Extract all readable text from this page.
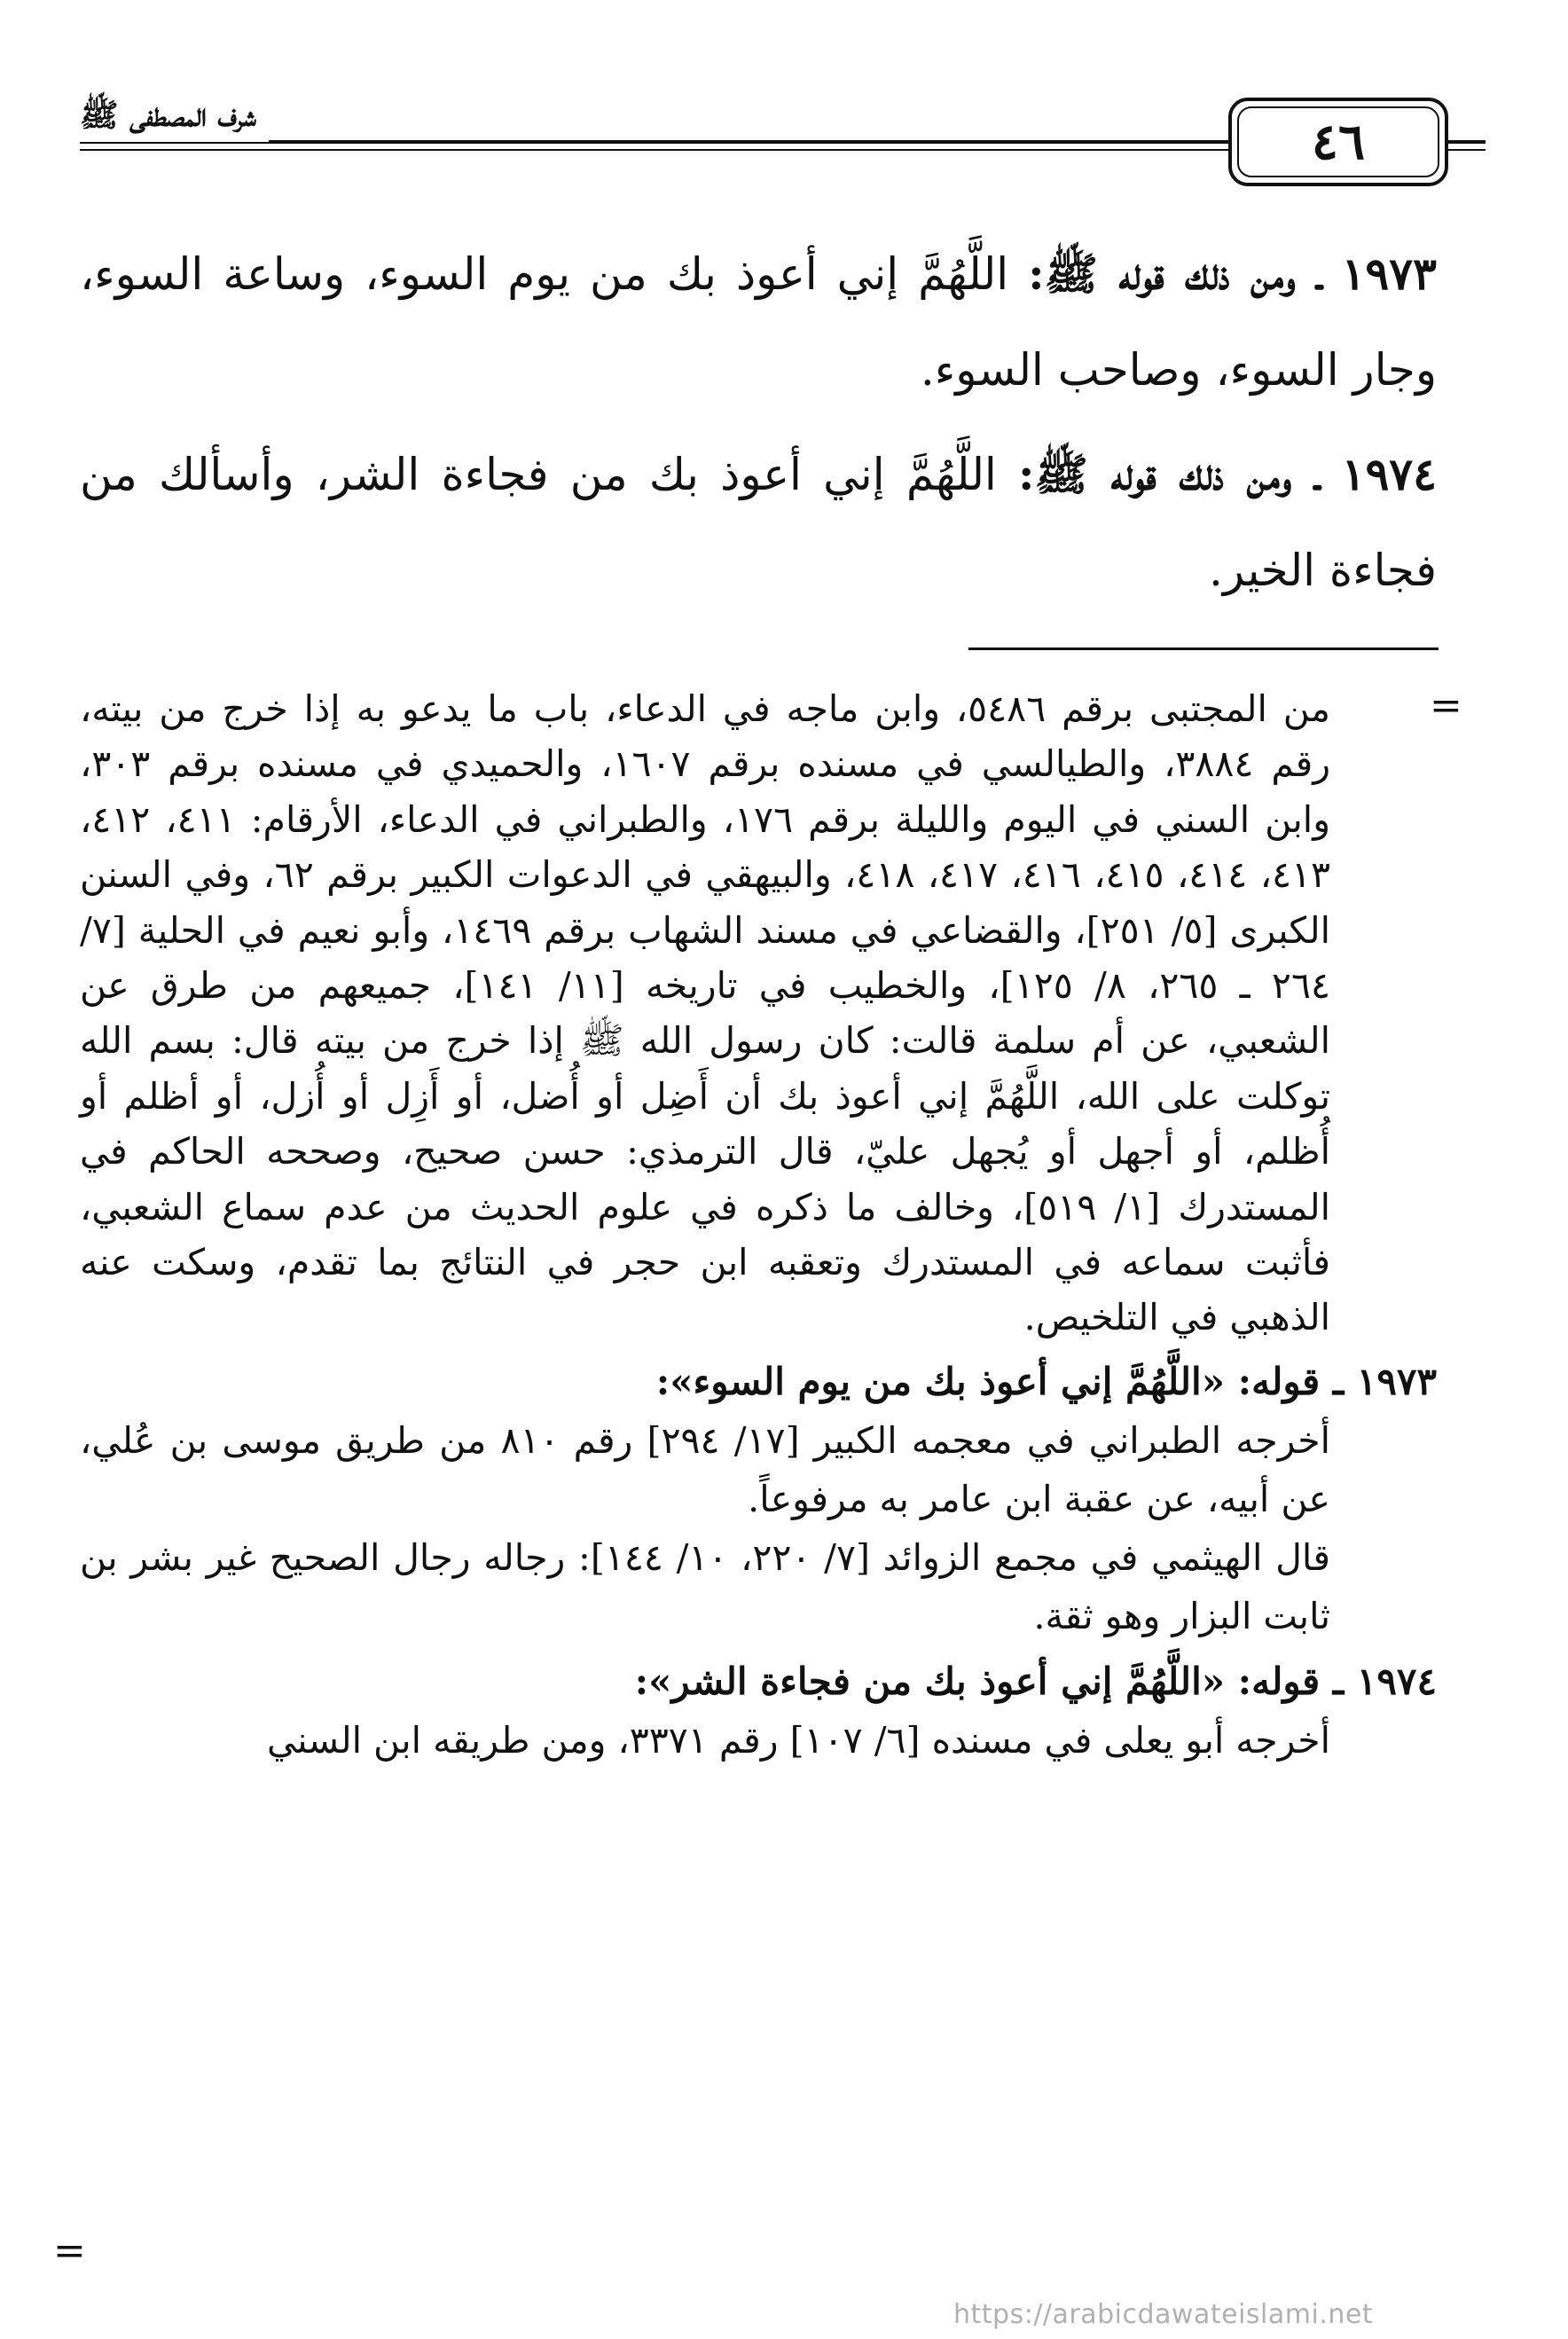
شرف المصطفى ﷺ	٤٦

١٩٧٣ ـ ومن ذلك قوله ﷺ: اللَّهُمَّ إني أعوذ بك من يوم السوء، وساعة السوء، وجار السوء، وصاحب السوء.

١٩٧٤ ـ ومن ذلك قوله ﷺ: اللَّهُمَّ إني أعوذ بك من فجاءة الشر، وأسألك من فجاءة الخير.

=

من المجتبى برقم ٥٤٨٦، وابن ماجه في الدعاء، باب ما يدعو به إذا خرج من بيته، رقم ٣٨٨٤، والطيالسي في مسنده برقم ١٦٠٧، والحميدي في مسنده برقم ٣٠٣، وابن السني في اليوم والليلة برقم ١٧٦، والطبراني في الدعاء، الأرقام: ٤١١، ٤١٢، ٤١٣، ٤١٤، ٤١٥، ٤١٦، ٤١٧، ٤١٨، والبيهقي في الدعوات الكبير برقم ٦٢، وفي السنن الكبرى [٥/ ٢٥١]، والقضاعي في مسند الشهاب برقم ١٤٦٩، وأبو نعيم في الحلية [٧/ ٢٦٤ ـ ٢٦٥، ٨/ ١٢٥]، والخطيب في تاريخه [١١/ ١٤١]، جميعهم من طرق عن الشعبي، عن أم سلمة قالت: كان رسول الله ﷺ إذا خرج من بيته قال: بسم الله توكلت على الله، اللَّهُمَّ إني أعوذ بك أن أَضِل أو أُضل، أو أَزِل أو أُزل، أو أظلم أو أُظلم، أو أجهل أو يُجهل عليّ، قال الترمذي: حسن صحيح، وصححه الحاكم في المستدرك [١/ ٥١٩]، وخالف ما ذكره في علوم الحديث من عدم سماع الشعبي، فأثبت سماعه في المستدرك وتعقبه ابن حجر في النتائج بما تقدم، وسكت عنه الذهبي في التلخيص.

١٩٧٣ ـ قوله: «اللَّهُمَّ إني أعوذ بك من يوم السوء»:

أخرجه الطبراني في معجمه الكبير [١٧/ ٢٩٤] رقم ٨١٠ من طريق موسى بن عُلي، عن أبيه، عن عقبة ابن عامر به مرفوعاً.

قال الهيثمي في مجمع الزوائد [٧/ ٢٢٠، ١٠/ ١٤٤]: رجاله رجال الصحيح غير بشر بن ثابت البزار وهو ثقة.

١٩٧٤ ـ قوله: «اللَّهُمَّ إني أعوذ بك من فجاءة الشر»:

أخرجه أبو يعلى في مسنده [٦/ ١٠٧] رقم ٣٣٧١، ومن طريقه ابن السني

=
https://arabicdawateislami.net
